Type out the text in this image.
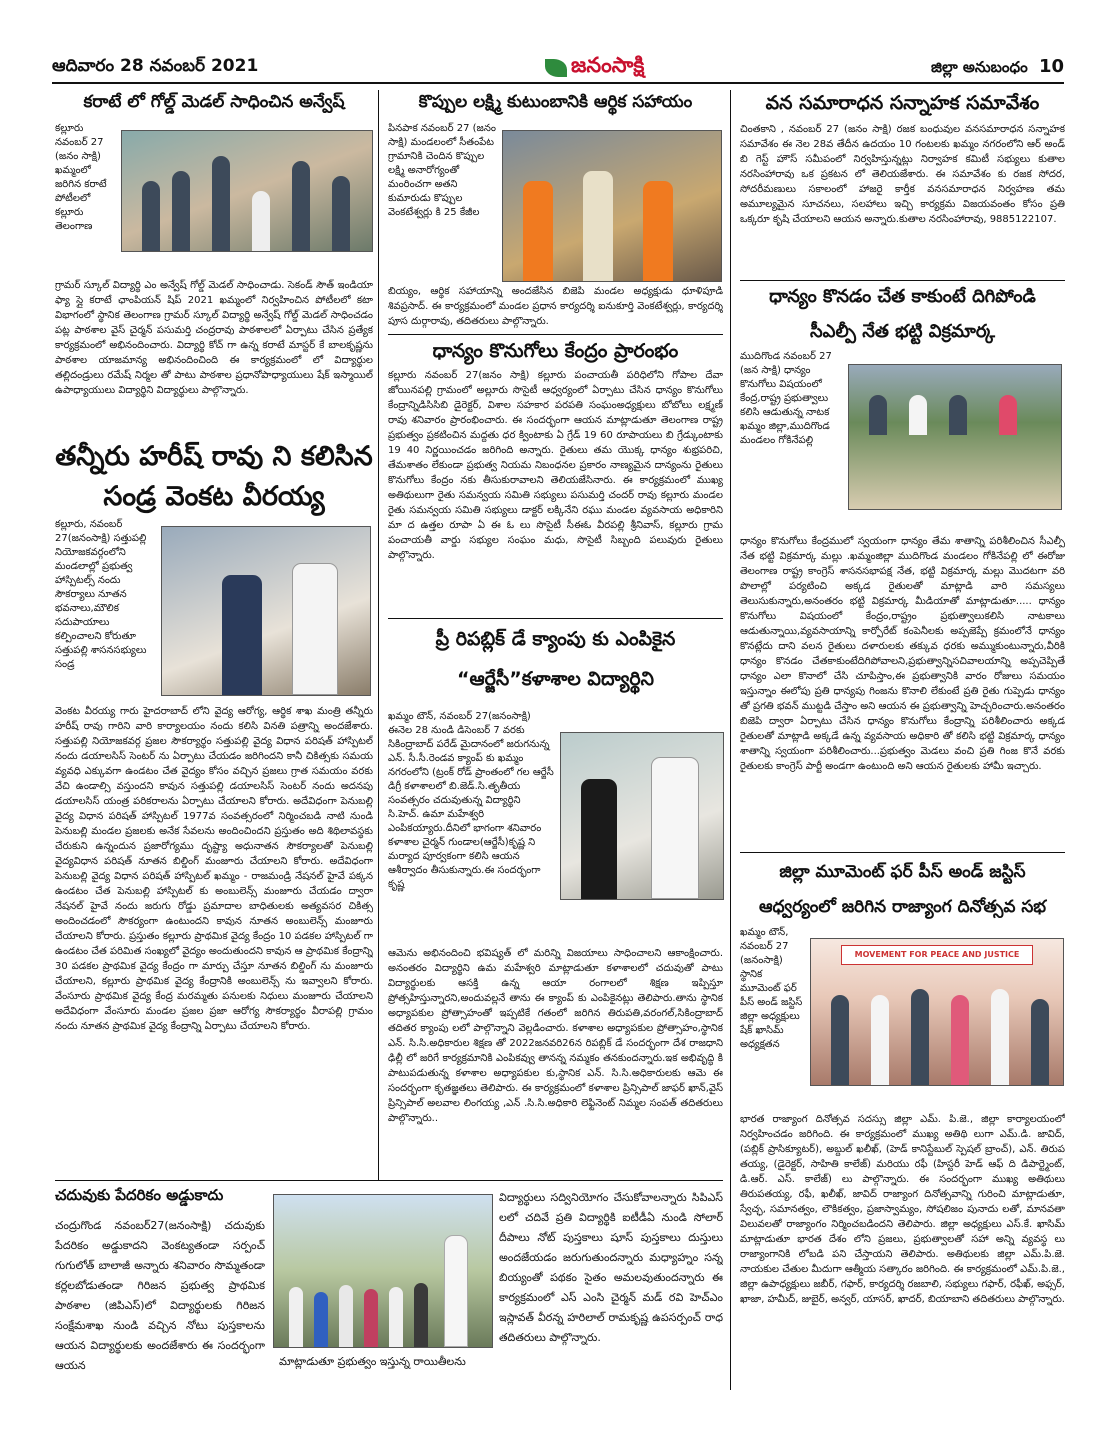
ఆదివారం 28 నవంబర్ 2021	జనంసాక్షి	జిల్లా అనుబంధం 10
కరాటే లో గోల్డ్ మెడల్ సాధించిన అన్వేష్
కల్లూరు నవంబర్ 27 (జనం సాక్షి) ఖమ్మంలో జరిగిన కరాటే పోటీలలో కల్లూరు తెలంగాణ

గ్రామర్ స్కూల్ విద్యార్థి ఎం అన్వేష్ గోల్డ్ మెడల్ సాధించాడు. సెకండ్ సౌత్ ఇండియా ఫ్యా స్లై కరాటే ఛాంపియన్ షిప్ 2021 ఖమ్మంలో నిర్వహించిన పోటీలలో కటా విభాగంలో స్థానిక తెలంగాణ గ్రామర్ స్కూల్ విద్యార్థి అన్వేష్ గోల్డ్ మెడల్ సాధించడం పట్ల పాఠశాల వైస్ చైర్మన్ పసుమర్తి చంద్రరావు పాఠశాలలో ఏర్పాటు చేసిన ప్రత్యేక కార్యక్రమంలో అభినందించారు. విద్యార్థి కోచ్ గా ఉన్న కరాటే మాస్టర్ కే బాలకృష్ణను పాఠశాల యాజమాన్య అభినందించింది ఈ కార్యక్రమంలో లో విద్యార్థుల తల్లిదండ్రులు రమేష్ నిర్మల తో పాటు పాఠశాల ప్రధానోపాధ్యాయులు షేక్ ఇస్మాయిల్ ఉపాధ్యాయులు విద్యార్థిని విద్యార్థులు పాల్గొన్నారు.

తన్నీరు హరీష్ రావు ని కలిసిన
సండ్ర వెంకట వీరయ్య
కల్లూరు, నవంబర్ 27(జనంసాక్షి) సత్తుపల్లి నియోజకవర్గంలోని మండలాల్లో ప్రభుత్వ హాస్పిటల్స్ నందు సౌకర్యాలు నూతన భవనాలు,మౌలిక సదుపాయాలు కల్పించాలని కోరుతూ సత్తుపల్లి శాసనసభ్యులు సండ్ర

వెంకట వీరయ్య గారు హైదరాబాద్ లోని వైద్య ఆరోగ్య, ఆర్థిక శాఖ మంత్రి తన్నీరు హరీష్ రావు గారిని వారి కార్యాలయం నందు కలిసి వినతి పత్రాన్ని అందజేశారు. సత్తుపల్లి నియోజకవర్గ ప్రజల సౌకర్యార్థం సత్తుపల్లి వైద్య విధాన పరిషత్ హాస్పిటల్ నందు డయాలసిస్ సెంటర్ ను ఏర్పాటు చేయడం జరిగిందని కానీ చికిత్సకు సమయ వ్యవధి ఎక్కువగా ఉండటం చేత వైద్యం కోసం వచ్చిన ప్రజలు గ్రాత సమయం వరకు వేచి ఉండాల్సి వస్తుందని కావున సత్తుపల్లి డయాలసిస్ సెంటర్ నందు అదనపు డయాలసిస్ యంత్ర పరికరాలను ఏర్పాటు చేయాలని కోరారు. అదేవిధంగా పెనుబల్లి వైద్య విధాన పరిషత్ హాస్పిటల్ 1977వ సంవత్సరంలో నిర్మించబడి నాటి నుండి పెనుబల్లి మండల ప్రజలకు అనేక సేవలను అందించిందని ప్రస్తుతం అది శిథిలావస్థకు చేరుకుని ఉన్నందున ప్రజారోగ్యము దృష్ట్యా అధునాతన సౌకర్యాలతో పెనుబల్లి వైద్యవిధాన పరిషత్ నూతన బిల్డింగ్ మంజూరు చేయాలని కోరారు. అదేవిధంగా పెనుబల్లి వైద్య విధాన పరిషత్ హాస్పిటల్ ఖమ్మం - రాజమండ్రి నేషనల్ హైవే పక్కన ఉండటం చేత పెనుబల్లి హాస్పిటల్ కు అంబులెన్స్ మంజూరు చేయడం ద్వారా నేషనల్ హైవే నందు జరుగు రోడ్డు ప్రమాదాల బాధితులకు అత్యవసర చికిత్స అందించడంలో సౌకర్యంగా ఉంటుందని కావున నూతన అంబులెన్స్ మంజూరు చేయాలని కోరారు. ప్రస్తుతం కల్లూరు ప్రాథమిక వైద్య కేంద్రం 10 పడకల హాస్పిటల్ గా ఉండటం చేత పరిమిత సంఖ్యలో వైద్యం అందుతుందని కావున ఆ ప్రాథమిక కేంద్రాన్ని 30 పడకల ప్రాథమిక వైద్య కేంద్రం గా మార్పు చేస్తూ నూతన బిల్డింగ్ ను మంజూరు చేయాలని, కల్లూరు ప్రాథమిక వైద్య కేంద్రానికి అంబులెన్స్ ను ఇవ్వాలని కోరారు. వేంసూరు ప్రాథమిక వైద్య కేంద్ర మరమ్మతు పనులకు నిధులు మంజూరు చేయాలని అదేవిధంగా వేంసూరు మండల ప్రజల ప్రజా ఆరోగ్య సౌకర్యార్థం వీరాపల్లి గ్రామం నందు నూతన ప్రాథమిక వైద్య కేంద్రాన్ని ఏర్పాటు చేయాలని కోరారు.

కొప్పుల లక్ష్మి కుటుంబానికి ఆర్థిక సహాయం
పినపాక నవంబర్ 27 (జనం సాక్షి) మండలంలో సీతంపేట గ్రామానికి చెందిన కొప్పుల లక్ష్మి అనారోగ్యంతో మంరించగా అతని కుమారుడు కొప్పుల వెంకటేశ్వర్లు కి 25 కేజీల

బియ్యం, ఆర్థిక సహాయాన్ని అందజేసిన బిజెపి మండల అధ్యక్షుడు ధూళిపూడి శివప్రసాద్. ఈ కార్యక్రమంలో మండల ప్రధాన కార్యదర్శి ఐనుకూర్తి వెంకటేశ్వర్లు, కార్యదర్శి పూస దుర్గారావు, తదితరులు పాల్గొన్నారు.

ధాన్యం కొనుగోలు కేంద్రం ప్రారంభం

కల్లూరు నవంబర్ 27(జనం సాక్షి) కల్లూరు పంచాయతీ పరిధిలోని గోపాల దేవా జోయినపల్లి గ్రామంలో అల్లూరు సొసైటీ ఆధ్వర్యంలో ఏర్పాటు చేసిన ధాన్యం కొనుగోలు కేంద్రాన్నిడిసిసిబి డైరెక్టర్, విశాల సహకార పరపతి సంఘంఅధ్యక్షులు బోబోలు లక్ష్మణ్ రావు శనివారం ప్రారంభించారు. ఈ సందర్భంగా ఆయన మాట్లాడుతూ తెలంగాణ రాష్ట్ర ప్రభుత్వం ప్రకటించిన మద్దతు ధర క్వింటాకు ఏ గ్రేడ్ 19 60 రూపాయలు బి గ్రేడ్కుంటాకు 19 40 నిర్ణయించడం జరిగింది అన్నారు. రైతులు తమ యొక్క ధాన్యం శుభ్రపరిచి, తేమశాతం లేకుండా ప్రభుత్వ నియమ నిబంధనల ప్రకారం నాణ్యమైన దాన్యంను రైతులు కొనుగోలు కేంద్రం నకు తీసుకురావాలని తెలియజేసినారు. ఈ కార్యక్రమంలో ముఖ్య అతిథులుగా రైతు సమన్వయ సమితి సభ్యులు పసుమర్తి చందర్ రావు కల్లూరు మండల రైతు సమన్వయ సమితి సభ్యులు డాక్టర్ లక్కినేని రఘు మండల వ్యవసాయ అధికారిని మా ద ఉత్తల రూపా ఏ ఈ ఓ లు సొసైటీ సీఈఓ వీరపల్లి శ్రీనివాస్, కల్లూరు గ్రామ పంచాయతీ వార్డు సభ్యుల సంఘం మధు, సొసైటీ సిబ్బంది పలువురు రైతులు పాల్గొన్నారు.

ప్రీ రిపబ్లిక్ డే క్యాంపు కు ఎంపికైన
“ఆర్జేసీ”కళాశాల విద్యార్థిని
ఖమ్మం టౌన్, నవంబర్ 27(జనంసాక్షి) ఈనెల 28 నుండి డిసెంబర్ 7 వరకు సికింద్రాబాద్ పరేడ్ మైదానంలో జరుగనున్న ఎన్. సీ.సీ.రెండవ క్యాంప్ కు ఖమ్మం నగరంలోని (ట్రంక్ రోడ్ ప్రాంతంలో గల ఆర్జేసీ డిగ్రీ కళాశాలలో బి.జెడ్.సి.తృతీయ సంవత్సరం చదువుతున్న విద్యార్థిని సి.హెచ్. ఉమా మహేశ్వరి ఎంపికయ్యారు.దీనిలో భాగంగా శనివారం కళాశాల చైర్మన్ గుండాల(ఆర్జేసీ)కృష్ణ ని మర్యాద పూర్వకంగా కలిసి ఆయన ఆశీర్వాదం తీసుకున్నారు.ఈ సందర్భంగా కృష్ణ

ఆమెను అభినందించి భవిష్యత్ లో మరిన్ని విజయాలు సాధించాలని ఆకాంక్షించారు. అనంతరం విద్యార్థిని ఉమ మహేశ్వరి మాట్లాడుతూ కళాశాలలో చదువుతో పాటు విద్యార్థులకు ఆసక్తి ఉన్న ఆయా రంగాలలో శిక్షణ ఇప్పిస్తూ ప్రోత్సహిస్తున్నారని,అందువల్లనే తాను ఈ క్యాంప్ కు ఎంపికైనట్లు తెలిపారు.తాను స్థానిక అధ్యాపకుల ప్రోత్సాహంతో ఇప్పటికే గతంలో జరిగిన తిరుపతి,వరంగల్,సికింద్రాబాద్ తదితర క్యాంపు లలో పాల్గొన్నాని వెల్లడించారు. కళాశాల అధ్యాపకుల ప్రోత్సాహం,స్థానిక ఎన్. సి.సి.అధికారుల శిక్షణ తో 2022జనవరి26న రిపబ్లిక్ డే సందర్భంగా దేశ రాజధాని ఢిల్లీ లో జరిగే కార్యక్రమానికి ఎంపికవ్వు తానన్న నమ్మకం తనకుందన్నారు.ఇక అభివృద్ధి కి పాటుపడుతున్న కళాశాల అధ్యాపకుల కు,స్థానిక ఎన్. సి.సి.అధికారులకు ఆమె ఈ సందర్భంగా కృతజ్ఞతలు తెలిపారు. ఈ కార్యక్రమంలో కళాశాల ప్రిన్సిపాల్ జాఫర్ ఖాన్,వైస్ ప్రిన్సిపాల్ అలవాల లింగయ్య ,ఎన్ .సి.సి.అధికారి లెఫ్టినెంట్ నిమ్మల సంపత్ తదితరులు పాల్గొన్నారు..

వన సమారాధన సన్నాహక సమావేశం

చింతకాని , నవంబర్ 27 (జనం సాక్షి) రజక బంధువుల వనసమారాధన సన్నాహక సమావేశం ఈ నెల 28వ తేదీన ఉదయం 10 గంటలకు ఖమ్మం నగరంలోని ఆర్ అండ్ బి గెస్ట్ హౌస్ సమీపంలో నిర్వహిస్తున్నట్లు నిర్వాహక కమిటీ సభ్యులు కుతాల నరసింహారావు ఒక ప్రకటన లో తెలియజేశారు. ఈ సమావేశం కు రజక సోదర, సోదరీమణులు సకాలంలో హాజరై కార్తీక వనసమారాధన నిర్వహణ తమ అమూల్యమైన సూచనలు, సలహాలు ఇచ్చి కార్యక్రమ విజయవంతం కోసం ప్రతి ఒక్కరూ కృషి చేయాలని ఆయన అన్నారు.కుతాల నరసింహారావు, 9885122107.

ధాన్యం కొనడం చేత కాకుంటే దిగిపోండి
సీఎల్పీ నేత భట్టి విక్రమార్క
ముదిగొండ నవంబర్ 27 (జన సాక్షి) ధాన్యం కొనుగోలు విషయంలో కేంద్ర,రాష్ట్ర ప్రభుత్వాలు కలిసి ఆడుతున్న నాటక ఖమ్మం జిల్లా,ముదిగొండ మండలం గోకినేపల్లి

ధాన్యం కొనుగోలు కేంద్రములో స్వయంగా ధాన్యం తేమ శాతాన్ని పరిశీలించిన సీఎల్పీ నేత భట్టి విక్రమార్క మల్లు .ఖమ్మంజిల్లా ముదిగొండ మండలం గోకినేపల్లి లో ఈరోజు తెలంగాణ రాష్ట్ర కాంగ్రెస్ శాసనసభాపక్ష నేత, భట్టి విక్రమార్క మల్లు మొదటగా వరి పొలాల్లో పర్యటించి అక్కడ రైతులతో మాట్లాడి వారి సమస్యలు తెలుసుకున్నారు,అనంతరం భట్టి విక్రమార్క మీడియాతో మాట్లాడుతూ..... ధాన్యం కొనుగోలు విషయంలో కేంద్రం,రాష్ట్రం ప్రభుత్వాలుకలిసి నాటకాలు ఆడుతున్నాయి,వ్యవసాయాన్ని కార్పోరేట్ కంపెనీలకు అప్పజెప్పే క్రమంలోనే ధాన్యం కొనట్లేదు దాని వలన రైతులు దళారులకు తక్కువ ధరకు అమ్ముకుంటున్నారు,వీరికి ధాన్యం కొనడం చేతకాకుంటేదిగిపోవాలని,ప్రభుత్వాన్నిసచివాలయాన్ని అప్పచెప్పితే ధాన్యం ఎలా కొనాలో చేసి చూపిస్తాం,ఈ ప్రభుత్వానికి వారం రోజులు సమయం ఇస్తున్నాం ఈలోపు ప్రతి ధాన్యపు గింజను కొనాలి లేకుంటే ప్రతి రైతు గుప్పెడు ధాన్యం తో ప్రగతి భవన్ ముట్టడి చేస్తాం అని ఆయన ఈ ప్రభుత్వాన్ని హెచ్చరించారు.అనంతరం బిజెపి ద్వారా ఏర్పాటు చేసిన ధాన్యం కొనుగోలు కేంద్రాన్ని పరిశీలించారు అక్కడ రైతులతో మాట్లాడి అక్కడే ఉన్న వ్యవసాయ అధికారి తో కలిసి భట్టి విక్రమార్క ధాన్యం శాతాన్ని స్వయంగా పరిశీలించారు...ప్రభుత్వం మెడలు వంచి ప్రతి గింజ కొనే వరకు రైతులకు కాంగ్రెస్ పార్టీ అండగా ఉంటుంది అని ఆయన రైతులకు హామీ ఇచ్చారు.

జిల్లా మూమెంట్ ఫర్ పీస్ అండ్ జస్టిస్
ఆధ్వర్యంలో జరిగిన రాజ్యాంగ దినోత్సవ సభ
ఖమ్మం టౌన్, నవంబర్ 27 (జనంసాక్షి) స్థానిక మూమెంట్ ఫర్ పీస్ అండ్ జస్టిస్ జిల్లా అధ్యక్షులు షేక్ ఖాసిమ్ అధ్యక్షతన
MOVEMENT FOR PEACE AND JUSTICE

భారత రాజ్యాంగ దినోత్సవ సదస్సు జిల్లా ఎమ్. పి.జె., జిల్లా కార్యాలయంలో నిర్వహించడం జరిగింది. ఈ కార్యక్రమంలో ముఖ్య అతిథి లుగా ఎమ్.డి. జావిద్, (పబ్లిక్ ప్రాసిక్యూటర్), అబ్దుల్ ఖలీఖ్, (హెడ్ కానిస్టేబుల్ స్పెషల్ బ్రాంచ్), ఎన్. తిరుప తయ్య, (డైరెక్టర్, సాహితి కాలేజ్) మరియు రఫీ (హిస్టరీ హెడ్ ఆఫ్ ది డిపార్ట్మెంట్, డి.ఆర్. ఎస్. కాలేజ్) లు పాల్గొన్నారు. ఈ సందర్భంగా ముఖ్య అతిథులు తిరుపతయ్య, రఫీ, ఖలీఖ్, జావిద్ రాజ్యాంగ దినోత్సవాన్ని గురించి మాట్లాడుతూ, స్వేచ్ఛ, సమానత్వం, లౌకికత్వం, ప్రజాస్వామ్యం, సోషలిజం పునాదు లతో, మానవతా విలువలతో రాజ్యాంగం నిర్మించబడిందని తెలిపారు. జిల్లా అధ్యక్షులు ఎస్.కే. ఖాసిమ్ మాట్లాడుతూ భారత దేశం లోని ప్రజలు, ప్రభుత్వాలతో సహా అన్ని వ్యవస్థ లు రాజ్యాంగానికి లోబడి పని చేస్తాయని తెలిపారు. అతిథులకు జిల్లా ఎమ్.పి.జె. నాయకుల చేతుల మీదుగా ఆత్మీయ సత్కారం జరిగింది. ఈ కార్యక్రమంలో ఎమ్.పి.జె., జిల్లా ఉపాధ్యక్షులు జబీర్, గఫార్, కార్యదర్శి రజబాలి, సభ్యులు గఫార్, రఫీఖ్, అఫ్సర్, ఖాజా, హమీద్, జుబైర్, అన్వర్, యాసర్, ఖాదర్, బియాబాని తదితరులు పాల్గొన్నారు.

చదువుకు పేదరికం అడ్డుకాదు

చంద్రుగొండ నవంబర్27(జనంసాక్షి) చదువుకు పేదరికం అడ్డుకాదని వెంకట్యతండా సర్పంచ్ గుగులోత్ బాలాజీ అన్నారు శనివారం సొమ్మతండా కర్లలబోడుతండా గిరిజన ప్రభుత్వ ప్రాథమిక పాఠశాల (జిపిఎస్)లో విద్యార్థులకు గిరిజన సంక్షేమశాఖ నుండి వచ్చిన నోటు పుస్తకాలను ఆయన విద్యార్థులకు అందజేశారు ఈ సందర్భంగా ఆయన	మాట్లాడుతూ ప్రభుత్వం ఇస్తున్న రాయితీలను

విద్యార్థులు సద్వినియోగం చేసుకోవాలన్నారు సిపిఎస్ లలో చదివే ప్రతి విద్యార్థికి ఐటీడీఏ నుండి సోలార్ దీపాలు నోట్ పుస్తకాలు షూస్ పుస్తకాలు దుస్తులు అందజేయడం జరుగుతుందన్నారు మధ్యాహ్నం సన్న బియ్యంతో పథకం సైతం అమలవుతుందన్నారు ఈ కార్యక్రమంలో ఎస్ ఎంసి చైర్మన్ మడ్ రవి హెచ్ఎం ఇస్లావత్ వీరన్న హరిలాల్ రామకృష్ణ ఉపసర్పంచ్ రాధ తదితరులు పాల్గొన్నారు.
